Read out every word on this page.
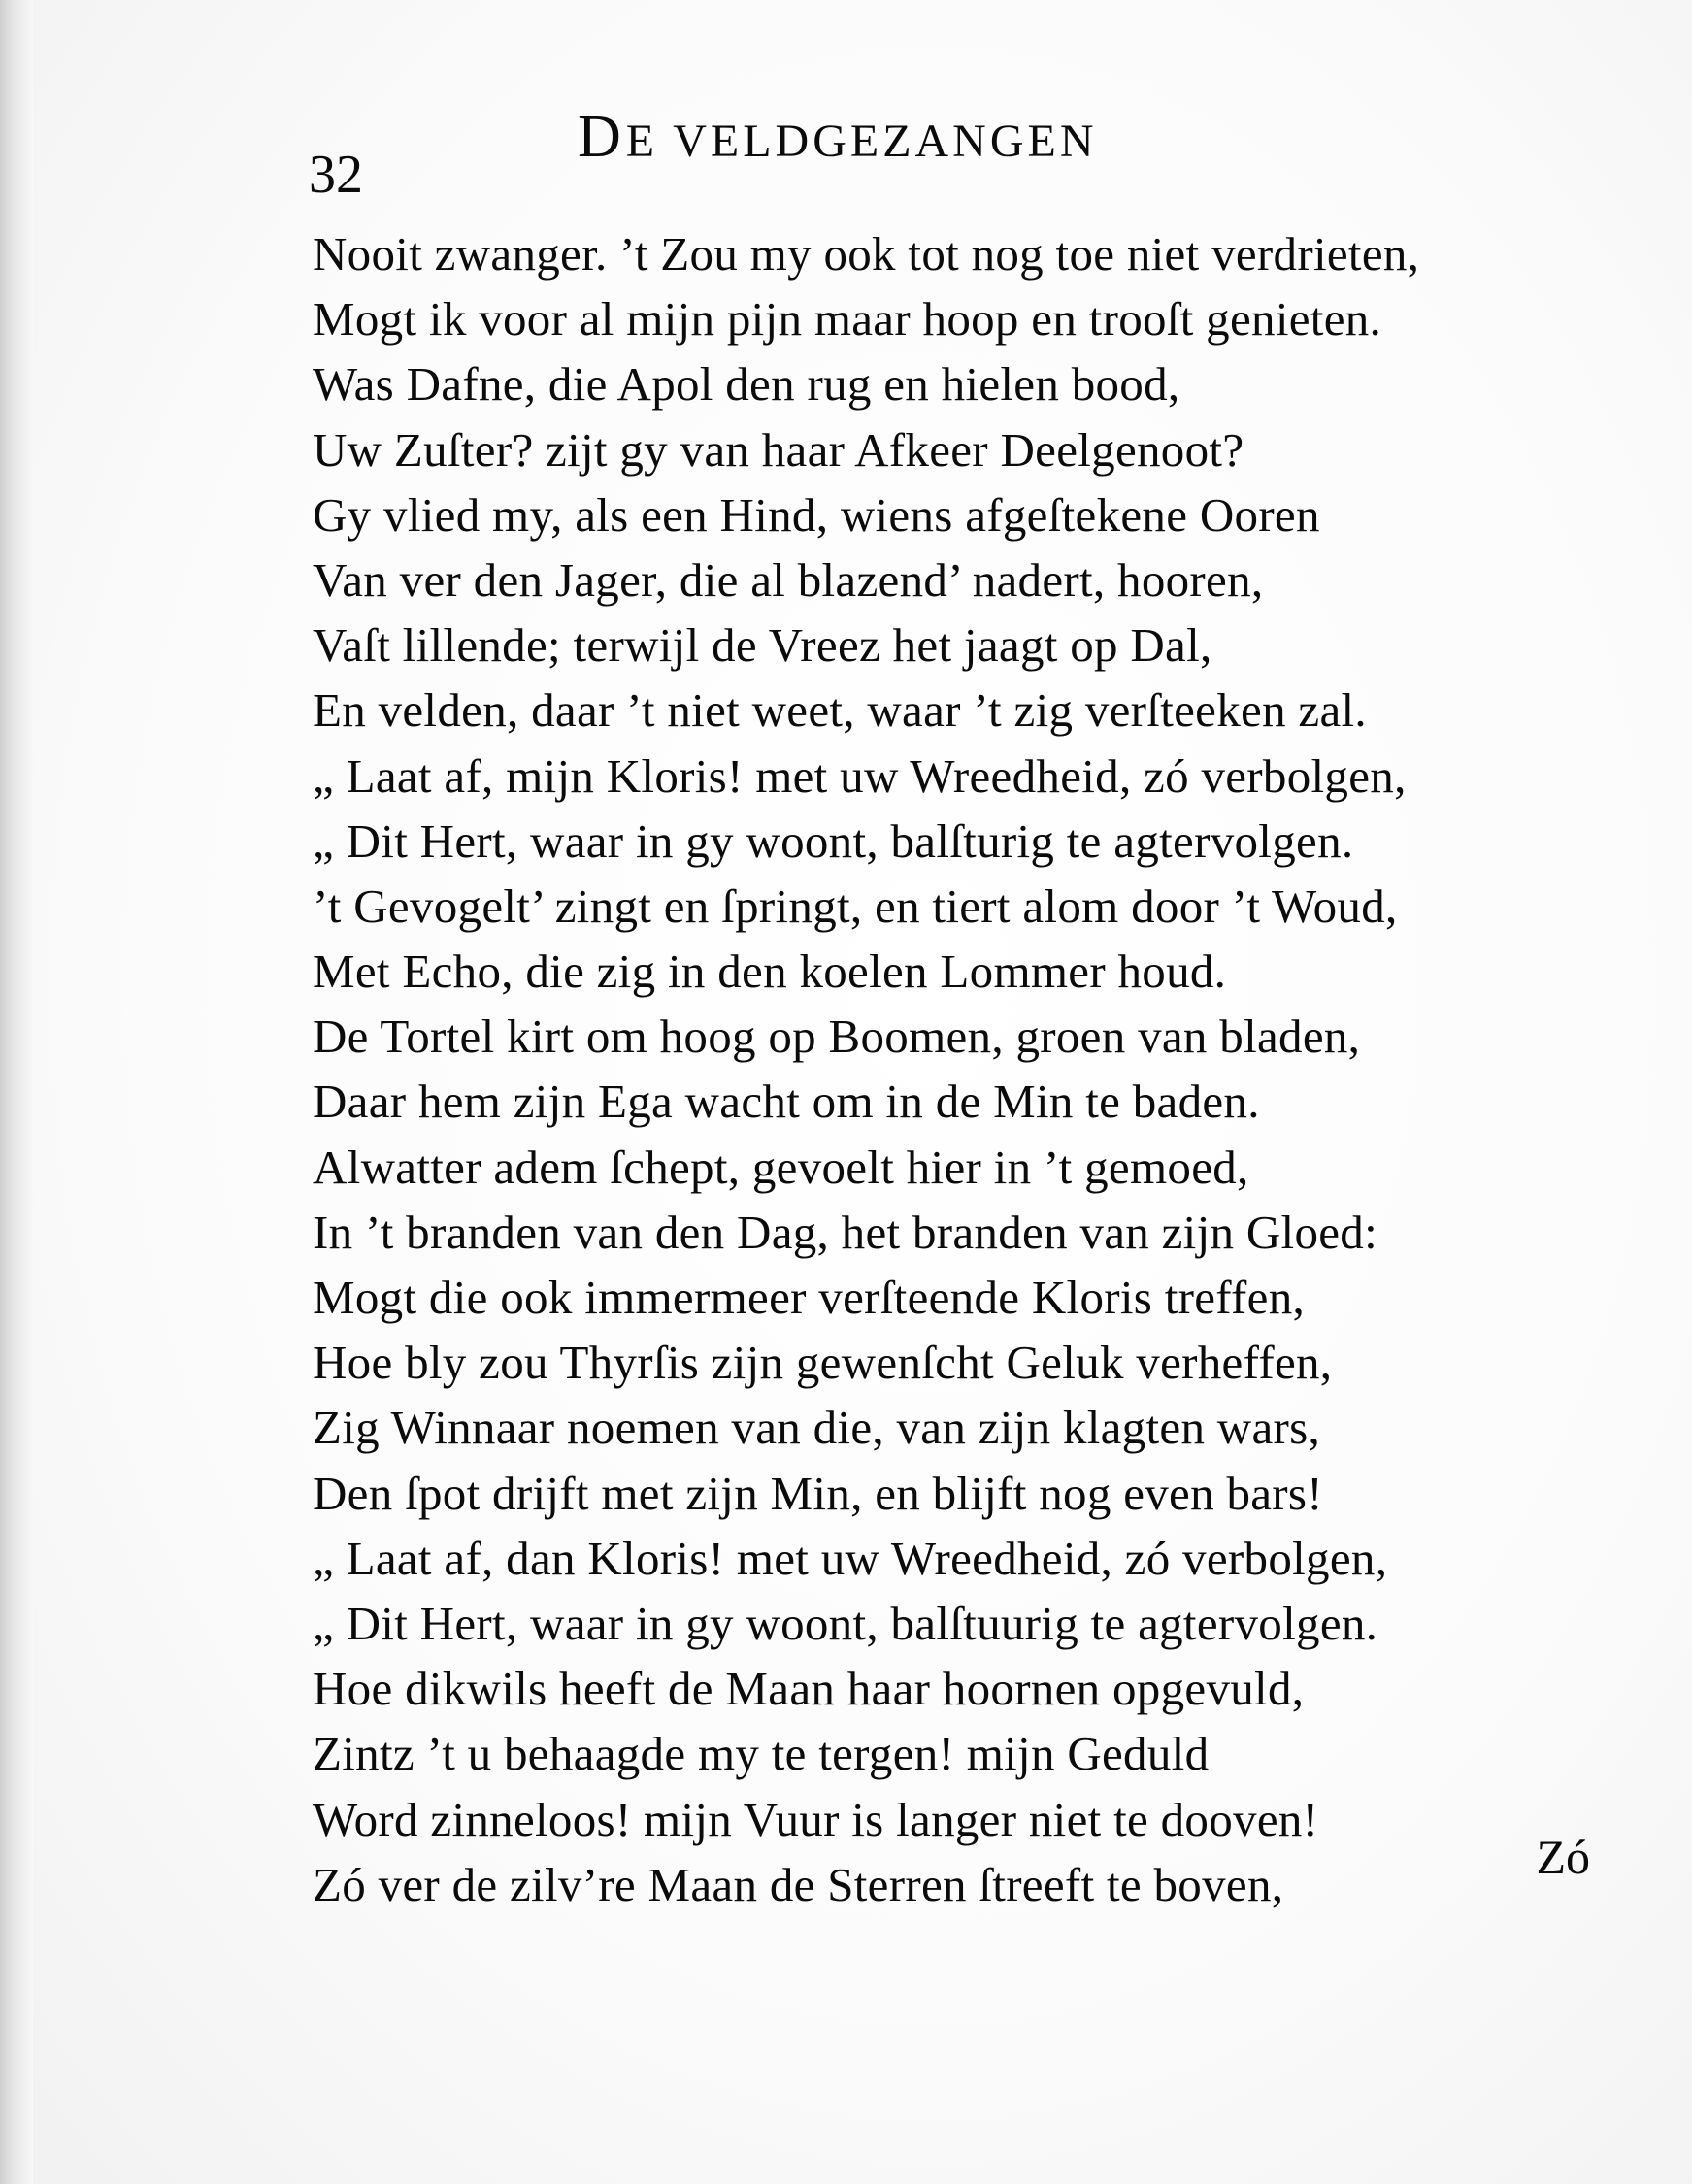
32
DE VELDGEZANGEN
Nooit zwanger. ’t Zou my ook tot nog toe niet verdrieten,
Mogt ik voor al mijn pijn maar hoop en trooſt genieten.
Was Dafne, die Apol den rug en hielen bood,
Uw Zuſter? zijt gy van haar Afkeer Deelgenoot?
Gy vlied my, als een Hind, wiens afgeſtekene Ooren
Van ver den Jager, die al blazend’ nadert, hooren,
Vaſt lillende; terwijl de Vreez het jaagt op Dal,
En velden, daar ’t niet weet, waar ’t zig verſteeken zal.
„ Laat af, mijn Kloris! met uw Wreedheid, zó verbolgen,
„ Dit Hert, waar in gy woont, balſturig te agtervolgen.
’t Gevogelt’ zingt en ſpringt, en tiert alom door ’t Woud,
Met Echo, die zig in den koelen Lommer houd.
De Tortel kirt om hoog op Boomen, groen van bladen,
Daar hem zijn Ega wacht om in de Min te baden.
Alwatter adem ſchept, gevoelt hier in ’t gemoed,
In ’t branden van den Dag, het branden van zijn Gloed:
Mogt die ook immermeer verſteende Kloris treffen,
Hoe bly zou Thyrſis zijn gewenſcht Geluk verheffen,
Zig Winnaar noemen van die, van zijn klagten wars,
Den ſpot drijft met zijn Min, en blijft nog even bars!
„ Laat af, dan Kloris! met uw Wreedheid, zó verbolgen,
„ Dit Hert, waar in gy woont, balſtuurig te agtervolgen.
Hoe dikwils heeft de Maan haar hoornen opgevuld,
Zintz ’t u behaagde my te tergen! mijn Geduld
Word zinneloos! mijn Vuur is langer niet te dooven!
Zó ver de zilv’re Maan de Sterren ſtreeft te boven,
Zó
